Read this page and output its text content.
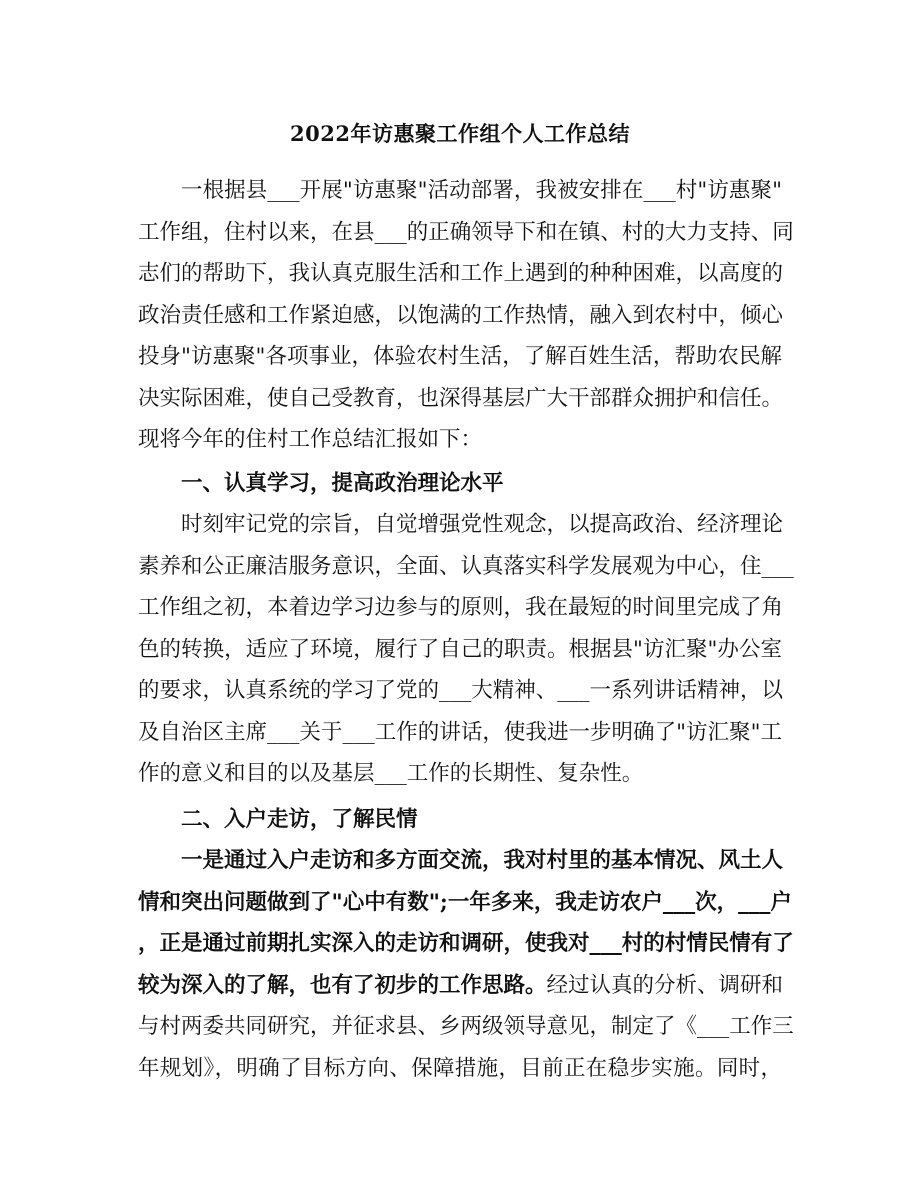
2022年访惠聚工作组个人工作总结
一根据县___开展"访惠聚"活动部署，我被安排在___村"访惠聚"
工作组，住村以来，在县___的正确领导下和在镇、村的大力支持、同
志们的帮助下，我认真克服生活和工作上遇到的种种困难，以高度的
政治责任感和工作紧迫感，以饱满的工作热情，融入到农村中，倾心
投身"访惠聚"各项事业，体验农村生活，了解百姓生活，帮助农民解
决实际困难，使自己受教育，也深得基层广大干部群众拥护和信任。
现将今年的住村工作总结汇报如下：
一、认真学习，提高政治理论水平
时刻牢记党的宗旨，自觉增强党性观念，以提高政治、经济理论
素养和公正廉洁服务意识，全面、认真落实科学发展观为中心，住___
工作组之初，本着边学习边参与的原则，我在最短的时间里完成了角
色的转换，适应了环境，履行了自己的职责。根据县"访汇聚"办公室
的要求，认真系统的学习了党的___大精神、___一系列讲话精神，以
及自治区主席___关于___工作的讲话，使我进一步明确了"访汇聚"工
作的意义和目的以及基层___工作的长期性、复杂性。
二、入户走访，了解民情
一是通过入户走访和多方面交流，我对村里的基本情况、风土人
情和突出问题做到了"心中有数";一年多来，我走访农户___次，___户
，正是通过前期扎实深入的走访和调研，使我对___村的村情民情有了
较为深入的了解，也有了初步的工作思路。经过认真的分析、调研和
与村两委共同研究，并征求县、乡两级领导意见，制定了《___工作三
年规划》，明确了目标方向、保障措施，目前正在稳步实施。同时，
